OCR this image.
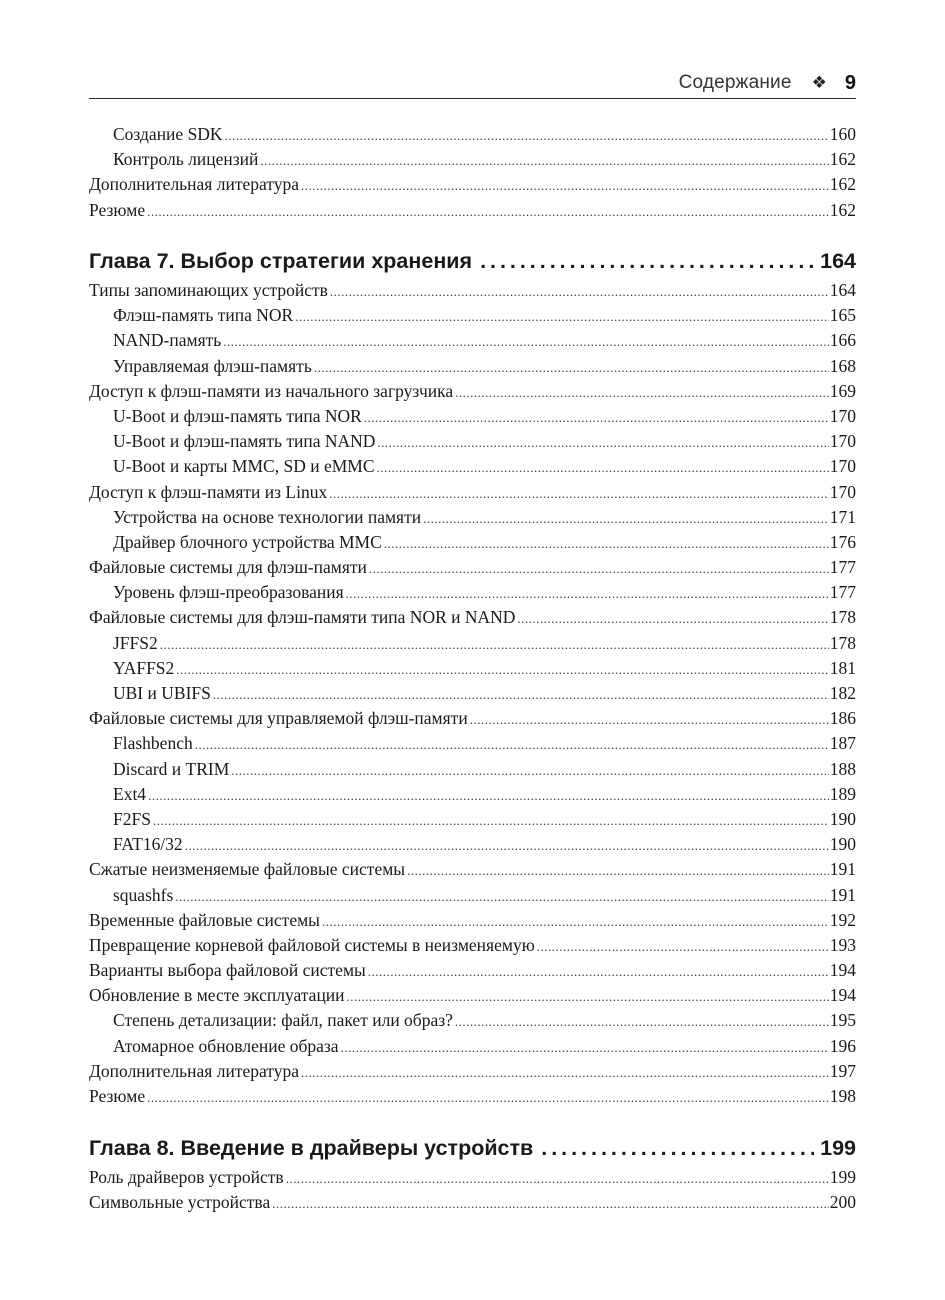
Содержание ❖ 9
Создание SDK .....	160
Контроль лицензий .....	162
Дополнительная литература .....	162
Резюме .....	162
Глава 7. Выбор стратегии хранения . . .	164
Типы запоминающих устройств .....	164
Флэш-память типа NOR .....	165
NAND-память .....	166
Управляемая флэш-память .....	168
Доступ к флэш-памяти из начального загрузчика .....	169
U-Boot и флэш-память типа NOR .....	170
U-Boot и флэш-память типа NAND .....	170
U-Boot и карты MMC, SD и eMMC .....	170
Доступ к флэш-памяти из Linux .....	170
Устройства на основе технологии памяти .....	171
Драйвер блочного устройства MMC .....	176
Файловые системы для флэш-памяти .....	177
Уровень флэш-преобразования .....	177
Файловые системы для флэш-памяти типа NOR и NAND .....	178
JFFS2 .....	178
YAFFS2 .....	181
UBI и UBIFS .....	182
Файловые системы для управляемой флэш-памяти .....	186
Flashbench .....	187
Discard и TRIM .....	188
Ext4 .....	189
F2FS .....	190
FAT16/32 .....	190
Сжатые неизменяемые файловые системы .....	191
squashfs .....	191
Временные файловые системы .....	192
Превращение корневой файловой системы в неизменяемую .....	193
Варианты выбора файловой системы .....	194
Обновление в месте эксплуатации .....	194
Степень детализации: файл, пакет или образ? .....	195
Атомарное обновление образа .....	196
Дополнительная литература .....	197
Резюме .....	198
Глава 8. Введение в драйверы устройств . . .	199
Роль драйверов устройств .....	199
Символьные устройства .....	200
